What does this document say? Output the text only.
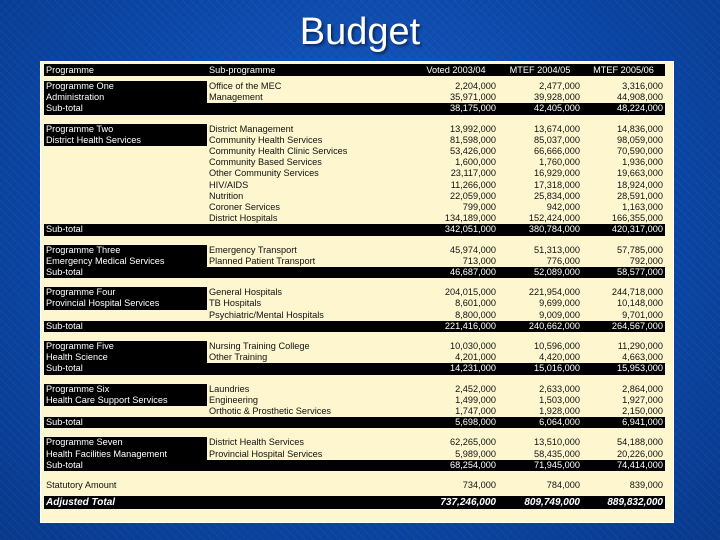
Budget
Programme	Sub-programme	Voted 2003/04	MTEF 2004/05	MTEF 2005/06

Programme One	Office of the MEC	2,204,000	2,477,000	3,316,000
Administration	Management	35,971,000	39,928,000	44,908,000
Sub-total		38,175,000	42,405,000	48,224,000

Programme Two	District Management	13,992,000	13,674,000	14,836,000
District Health Services	Community Health Services	81,598,000	85,037,000	98,059,000
	Community Health Clinic Services	53,426,000	66,666,000	70,590,000
	Community Based Services	1,600,000	1,760,000	1,936,000
	Other Community Services	23,117,000	16,929,000	19,663,000
	HIV/AIDS	11,266,000	17,318,000	18,924,000
	Nutrition	22,059,000	25,834,000	28,591,000
	Coroner Services	799,000	942,000	1,163,000
	District Hospitals	134,189,000	152,424,000	166,355,000
Sub-total		342,051,000	380,784,000	420,317,000

Programme Three	Emergency Transport	45,974,000	51,313,000	57,785,000
Emergency Medical Services	Planned Patient Transport	713,000	776,000	792,000
Sub-total		46,687,000	52,089,000	58,577,000

Programme Four	General Hospitals	204,015,000	221,954,000	244,718,000
Provincial Hospital Services	TB Hospitals	8,601,000	9,699,000	10,148,000
	Psychiatric/Mental Hospitals	8,800,000	9,009,000	9,701,000
Sub-total		221,416,000	240,662,000	264,567,000

Programme Five	Nursing Training College	10,030,000	10,596,000	11,290,000
Health Science	Other Training	4,201,000	4,420,000	4,663,000
Sub-total		14,231,000	15,016,000	15,953,000

Programme Six	Laundries	2,452,000	2,633,000	2,864,000
Health Care Support Services	Engineering	1,499,000	1,503,000	1,927,000
	Orthotic & Prosthetic Services	1,747,000	1,928,000	2,150,000
Sub-total		5,698,000	6,064,000	6,941,000

Programme Seven	District Health Services	62,265,000	13,510,000	54,188,000
Health Facilities Management	Provincial Hospital Services	5,989,000	58,435,000	20,226,000
Sub-total		68,254,000	71,945,000	74,414,000

Statutory Amount		734,000	784,000	839,000

Adjusted Total		737,246,000	809,749,000	889,832,000
